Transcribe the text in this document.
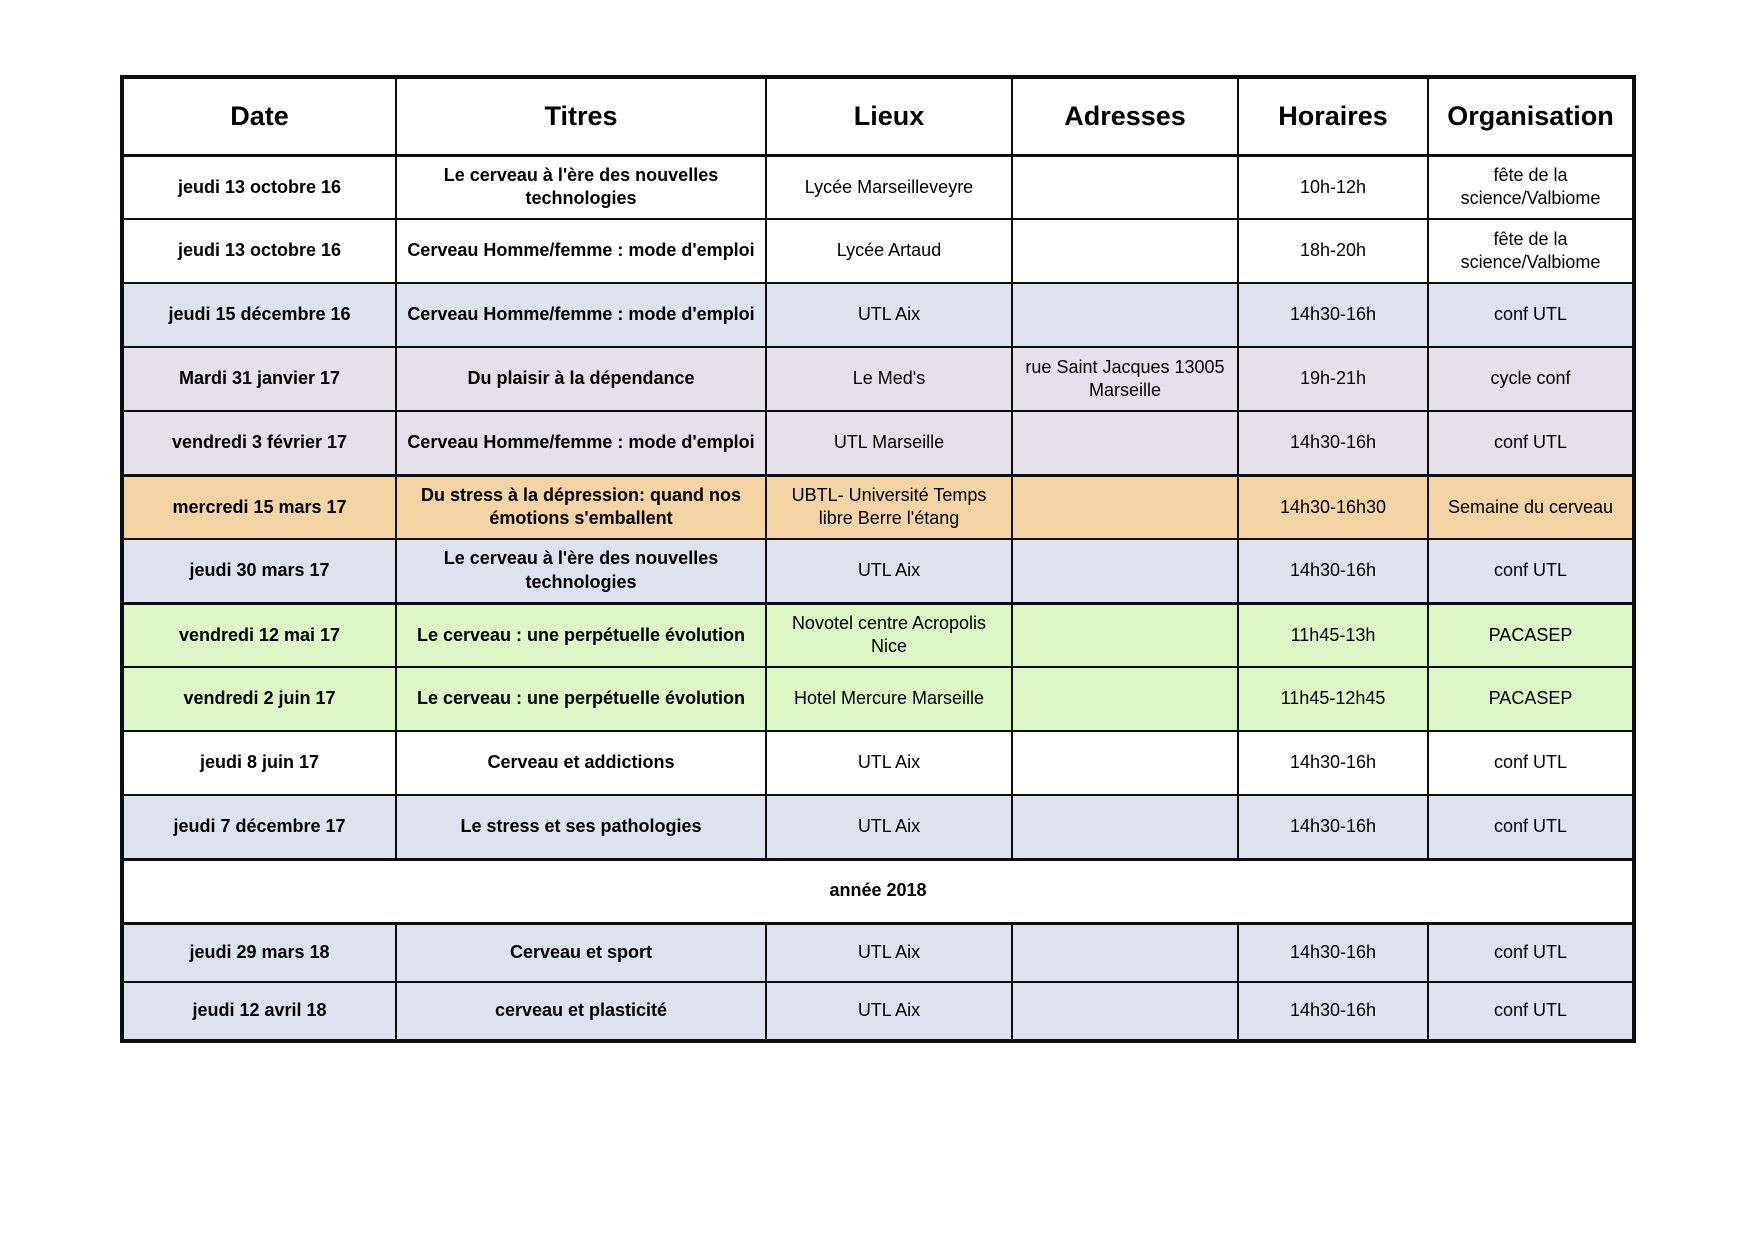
Date	Titres	Lieux	Adresses	Horaires	Organisation
jeudi 13 octobre 16	Le cerveau à l'ère des nouvelles technologies	Lycée Marseilleveyre		10h-12h	fête de la science/Valbiome
jeudi 13 octobre 16	Cerveau Homme/femme : mode d'emploi	Lycée Artaud		18h-20h	fête de la science/Valbiome
jeudi 15 décembre 16	Cerveau Homme/femme : mode d'emploi	UTL Aix		14h30-16h	conf UTL
Mardi 31 janvier 17	Du plaisir à la dépendance	Le Med's	rue Saint Jacques 13005 Marseille	19h-21h	cycle conf
vendredi 3 février 17	Cerveau Homme/femme : mode d'emploi	UTL Marseille		14h30-16h	conf UTL
mercredi 15 mars 17	Du stress à la dépression: quand nos émotions s'emballent	UBTL- Université Temps libre Berre l'étang		14h30-16h30	Semaine du cerveau
jeudi 30 mars 17	Le cerveau à l'ère des nouvelles technologies	UTL Aix		14h30-16h	conf UTL
vendredi 12 mai 17	Le cerveau : une perpétuelle évolution	Novotel centre Acropolis Nice		11h45-13h	PACASEP
vendredi 2 juin 17	Le cerveau : une perpétuelle évolution	Hotel Mercure Marseille		11h45-12h45	PACASEP
jeudi 8 juin 17	Cerveau et addictions	UTL Aix		14h30-16h	conf UTL
jeudi 7 décembre 17	Le stress et ses pathologies	UTL Aix		14h30-16h	conf UTL
année 2018					
jeudi 29 mars 18	Cerveau et sport	UTL Aix		14h30-16h	conf UTL
jeudi 12 avril 18	cerveau et plasticité	UTL Aix		14h30-16h	conf UTL
